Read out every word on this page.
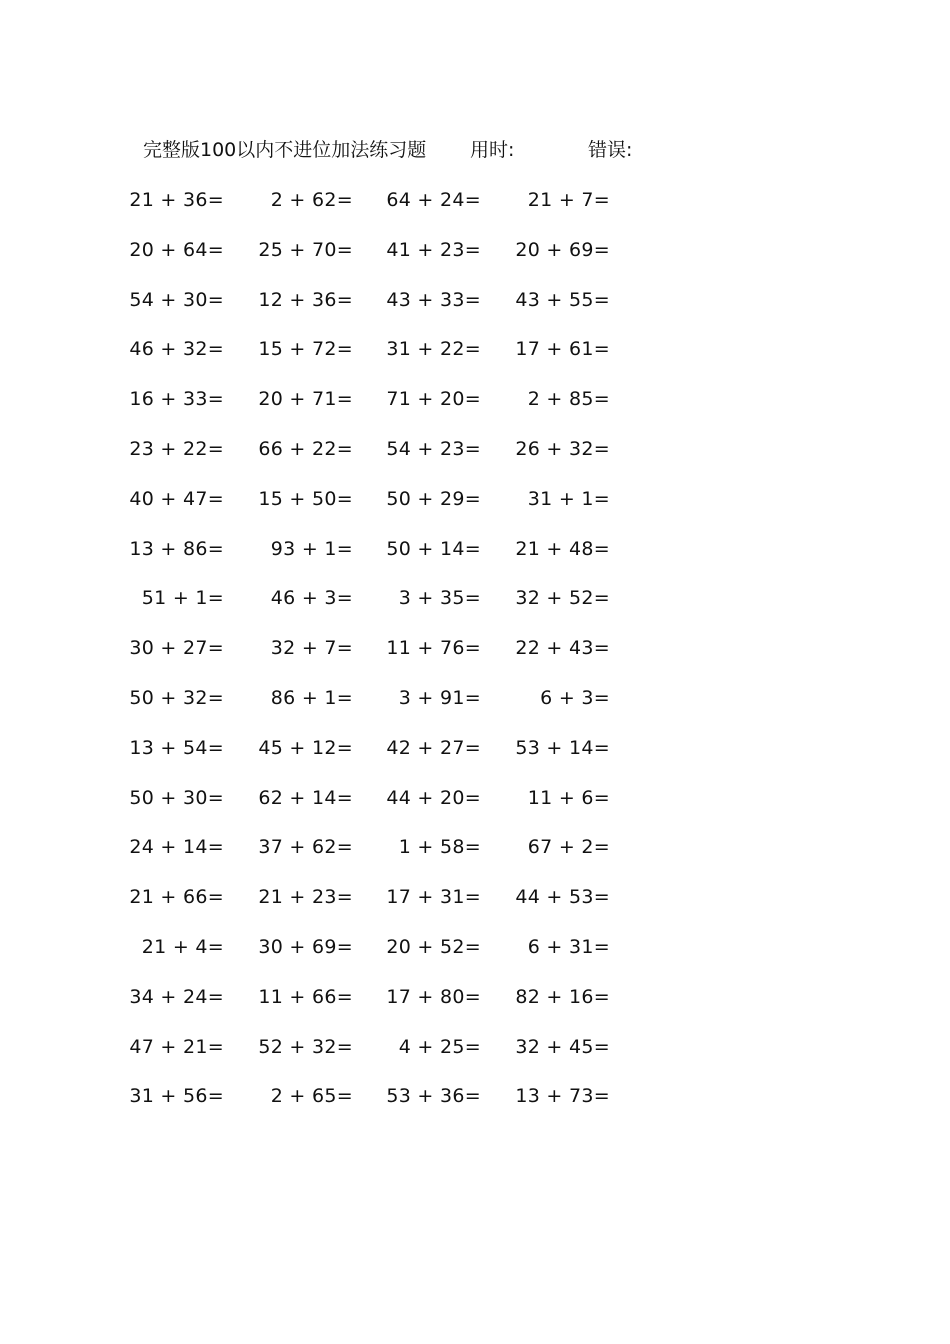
完整版100以内不进位加法练习题 用时:	错误:
21 + 36= 2 + 62= 64 + 24= 21 + 7=
20 + 64= 25 + 70= 41 + 23= 20 + 69=
54 + 30= 12 + 36= 43 + 33= 43 + 55=
46 + 32= 15 + 72= 31 + 22= 17 + 61=
16 + 33= 20 + 71= 71 + 20= 2 + 85=
23 + 22= 66 + 22= 54 + 23= 26 + 32=
40 + 47= 15 + 50= 50 + 29= 31 + 1=
13 + 86= 93 + 1= 50 + 14= 21 + 48=
51 + 1= 46 + 3= 3 + 35= 32 + 52=
30 + 27= 32 + 7= 11 + 76= 22 + 43=
50 + 32= 86 + 1= 3 + 91=	6 + 3=
13 + 54= 45 + 12= 42 + 27= 53 + 14=
50 + 30= 62 + 14= 44 + 20= 11 + 6=
24 + 14= 37 + 62= 1 + 58= 67 + 2=
21 + 66= 21 + 23= 17 + 31= 44 + 53=
21 + 4= 30 + 69= 20 + 52= 6 + 31=
34 + 24= 11 + 66= 17 + 80= 82 + 16=
47 + 21= 52 + 32= 4 + 25= 32 + 45=
31 + 56= 2 + 65= 53 + 36= 13 + 73=
